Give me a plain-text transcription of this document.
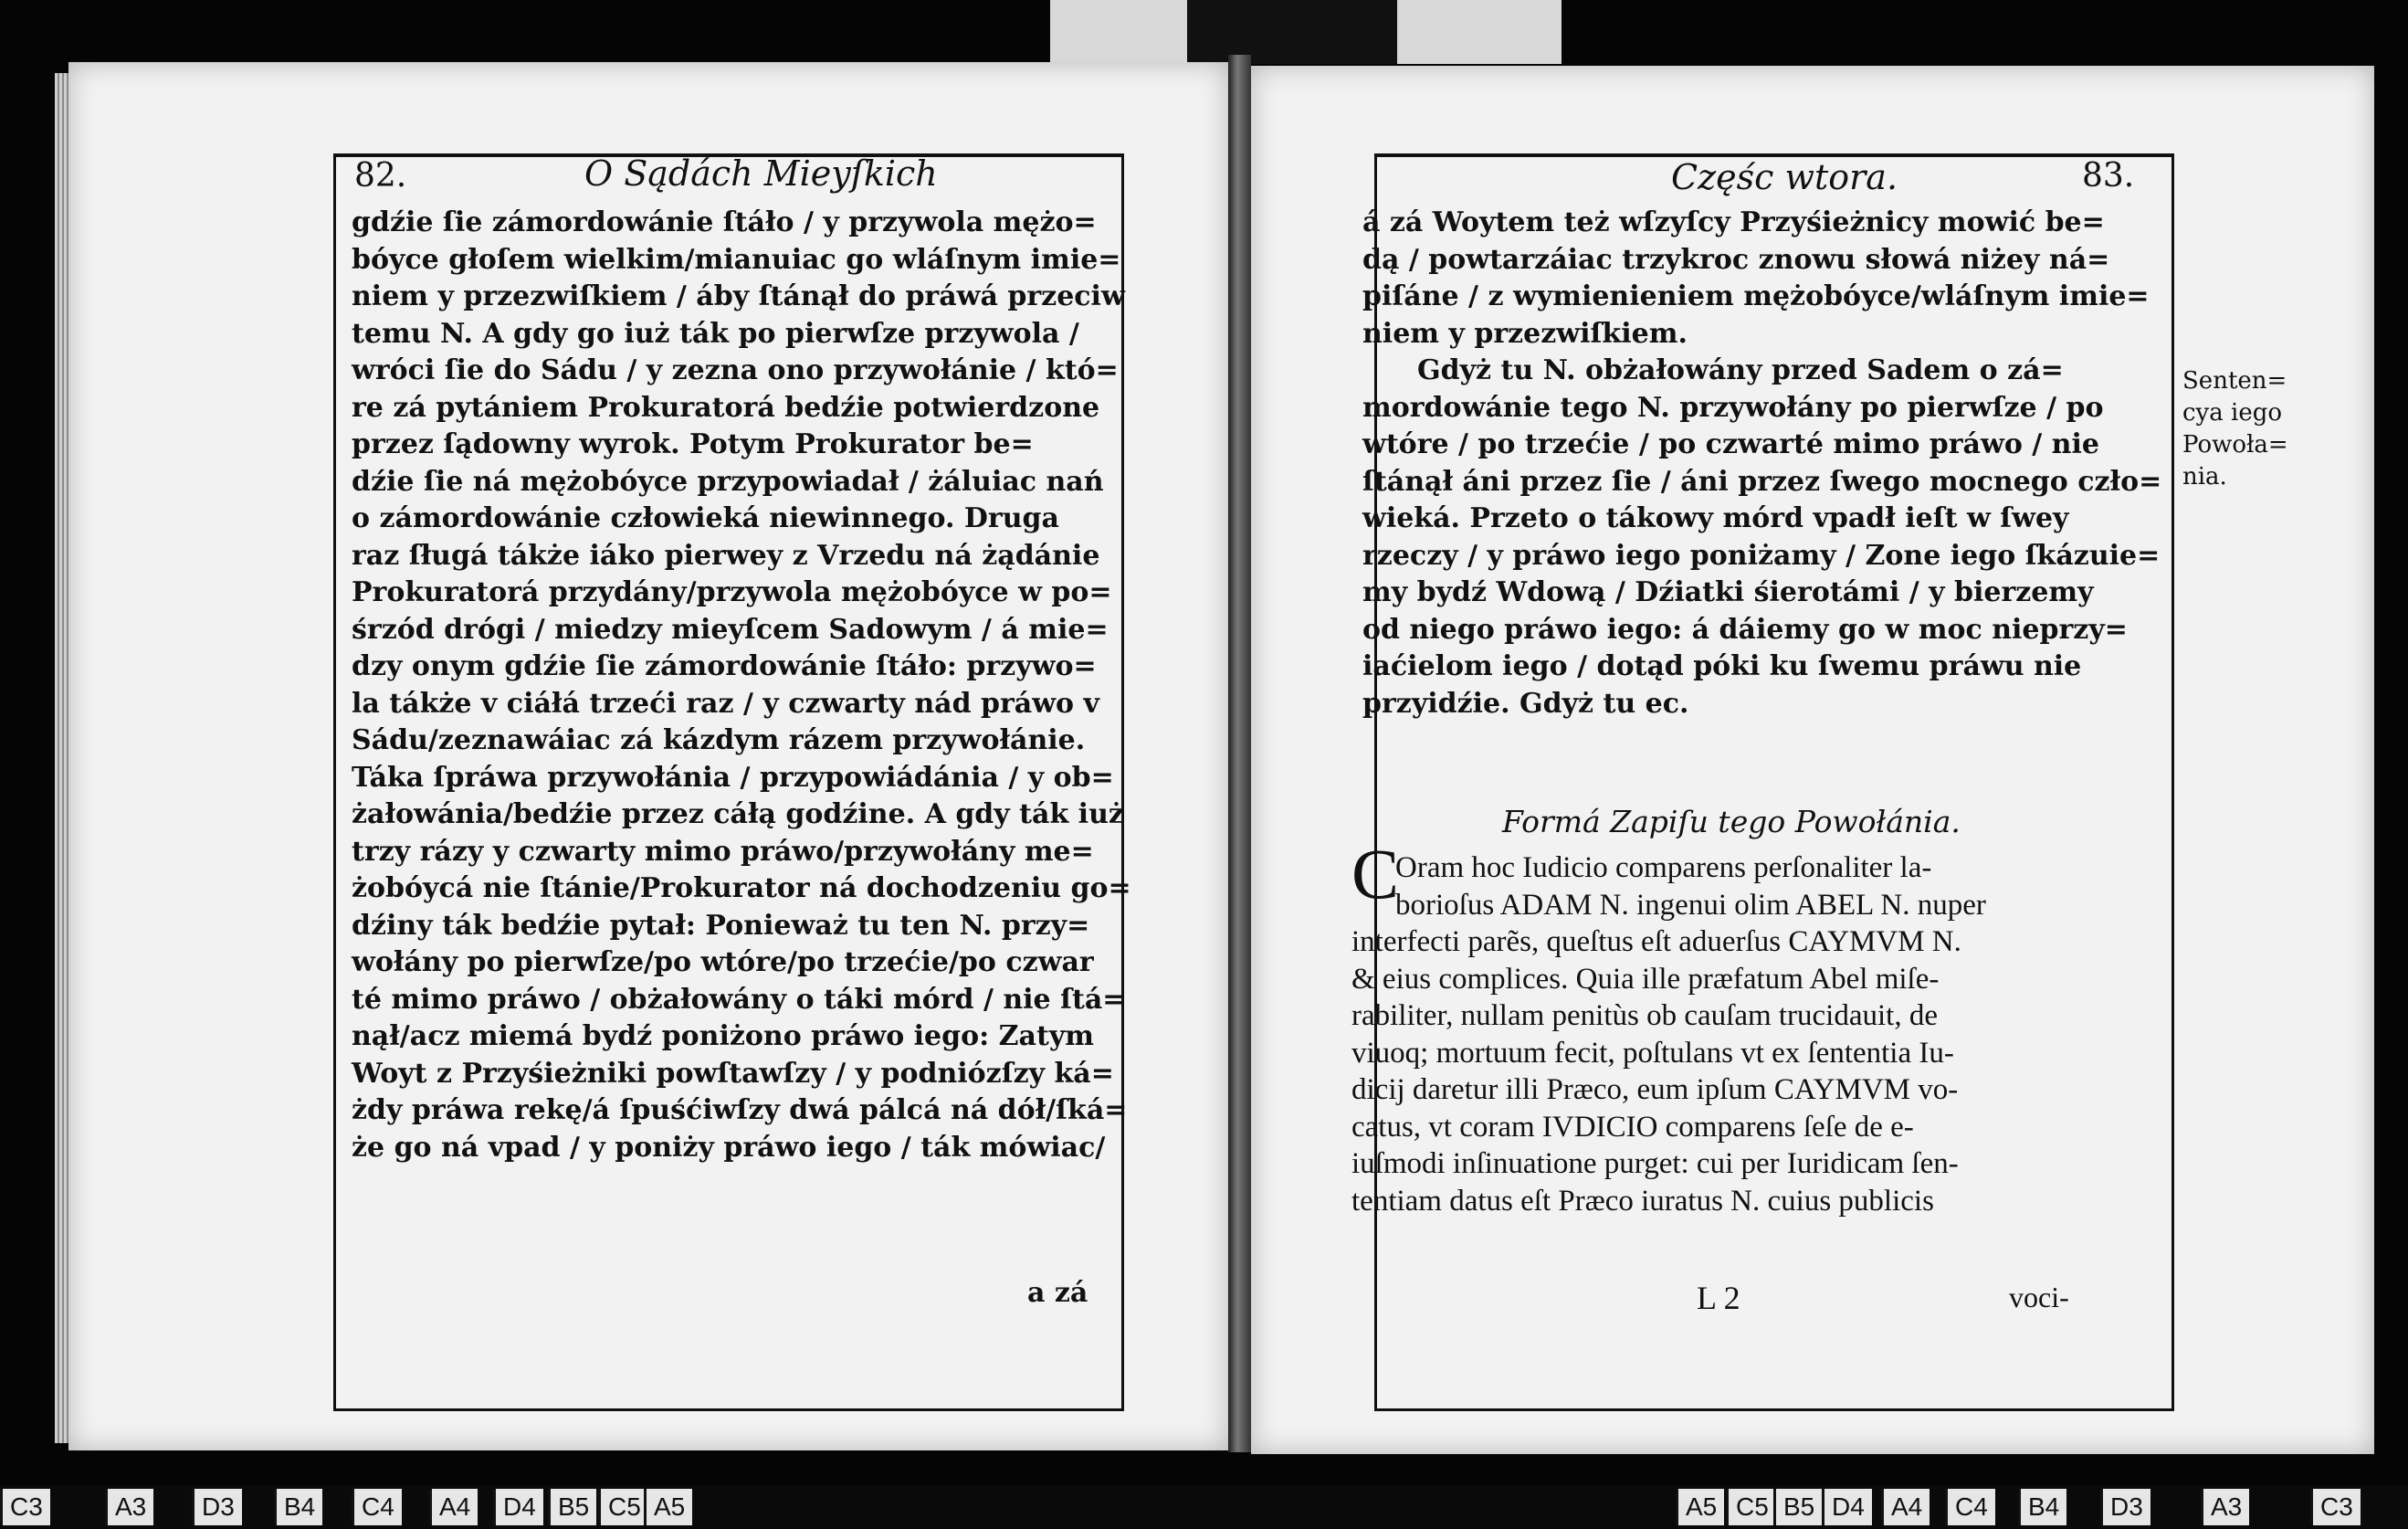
82.	O Sądách Mieyſkich	Częśc wtora.	83.
gdźie ſie zámordowánie ſtáło / y przywola mężo=
bóyce głoſem wielkim/mianuiac go wláſnym imie=
niem y przezwiſkiem / áby ſtánął do práwá przeciw
temu N. A gdy go iuż ták po pierwſze przywola /
wróci ſie do Sádu / y zezna ono przywołánie / któ=
re zá pytániem Prokuratorá bedźie potwierdzone
przez ſądowny wyrok. Potym Prokurator be=
dźie ſie ná mężobóyce przypowiadał / żáluiac nań
o zámordowánie człowieká niewinnego. Druga
raz ſługá tákże iáko pierwey z Vrzedu ná żądánie
Prokuratorá przydány/przywola mężobóyce w po=
śrzód drógi / miedzy mieyſcem Sadowym / á mie=
dzy onym gdźie ſie zámordowánie ſtáło: przywo=
la tákże v ciáłá trzeći raz / y czwarty nád práwo v
Sádu/zeznawáiac zá kázdym rázem przywołánie.
Táka ſpráwa przywołánia / przypowiádánia / y ob=
żałowánia/bedźie przez cáłą godźine. A gdy ták iuż
trzy rázy y czwarty mimo práwo/przywołány me=
żobóycá nie ſtánie/Prokurator ná dochodzeniu go=
dźiny ták bedźie pytał: Ponieważ tu ten N. przy=
wołány po pierwſze/po wtóre/po trzećie/po czwar
té mimo práwo / obżałowány o táki mórd / nie ſtá=
nął/acz miemá bydź poniżono práwo iego: Zatym
Woyt z Przyśieżniki powſtawſzy / y podniózſzy ká=
żdy práwa rekę/á ſpuśćiwſzy dwá pálcá ná dół/ſká=
że go ná vpad / y poniży práwo iego / ták mówiac/
a zá
á zá Woytem też wſzyſcy Przyśieżnicy mowić be=
dą / powtarzáiac trzykroc znowu słowá niżey ná=
piſáne / z wymienieniem mężobóyce/wláſnym imie=
niem y przezwiſkiem.
Gdyż tu N. obżałowány przed Sadem o zá=
mordowánie tego N. przywołány po pierwſze / po
wtóre / po trzećie / po czwarté mimo práwo / nie
ſtánął áni przez ſie / áni przez ſwego mocnego czło=
wieká. Przeto o tákowy mórd vpadł ieſt w ſwey
rzeczy / y práwo iego poniżamy / Zone iego ſkázuie=
my bydź Wdową / Dźiatki śierotámi / y bierzemy
od niego práwo iego: á dáiemy go w moc nieprzy=
iaćielom iego / dotąd póki ku ſwemu práwu nie
przyidźie. Gdyż tu ec.
Senten=
cya iego
Powoła=
nia.
Formá Zapiſu tego Powołánia.
C
Oram hoc Iudicio comparens perſonaliter la-
borioſus ADAM N. ingenui olim ABEL N. nuper
interfecti parẽs, queſtus eſt aduerſus CAYMVM N.
& eius complices. Quia ille præfatum Abel miſe-
rabiliter, nullam penitùs ob cauſam trucidauit, de
viuoq; mortuum fecit, poſtulans vt ex ſententia Iu-
dicij daretur illi Præco, eum ipſum CAYMVM vo-
catus, vt coram IVDICIO comparens ſeſe de e-
iuſmodi inſinuatione purget: cui per Iuridicam ſen-
tentiam datus eſt Præco iuratus N. cuius publicis
L 2	voci-
C3	A3	D3	B4	C4	A4	D4 B5 C5 A5	A5 C5 B5 D4	A4	C4	B4	D3	A3	C3
